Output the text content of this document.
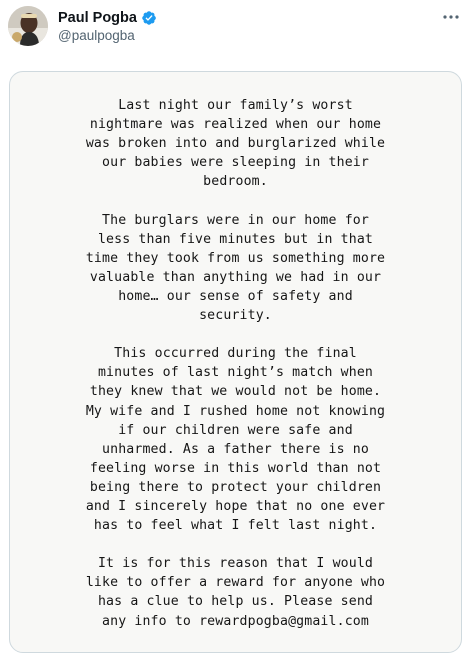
Paul Pogba
@paulpogba

Last night our family’s worst
nightmare was realized when our home
was broken into and burglarized while
our babies were sleeping in their
bedroom.

The burglars were in our home for
less than five minutes but in that
time they took from us something more
valuable than anything we had in our
home… our sense of safety and
security.

This occurred during the final
minutes of last night’s match when
they knew that we would not be home.
My wife and I rushed home not knowing
if our children were safe and
unharmed. As a father there is no
feeling worse in this world than not
being there to protect your children
and I sincerely hope that no one ever
has to feel what I felt last night.

It is for this reason that I would
like to offer a reward for anyone who
has a clue to help us. Please send
any info to rewardpogba@gmail.com
